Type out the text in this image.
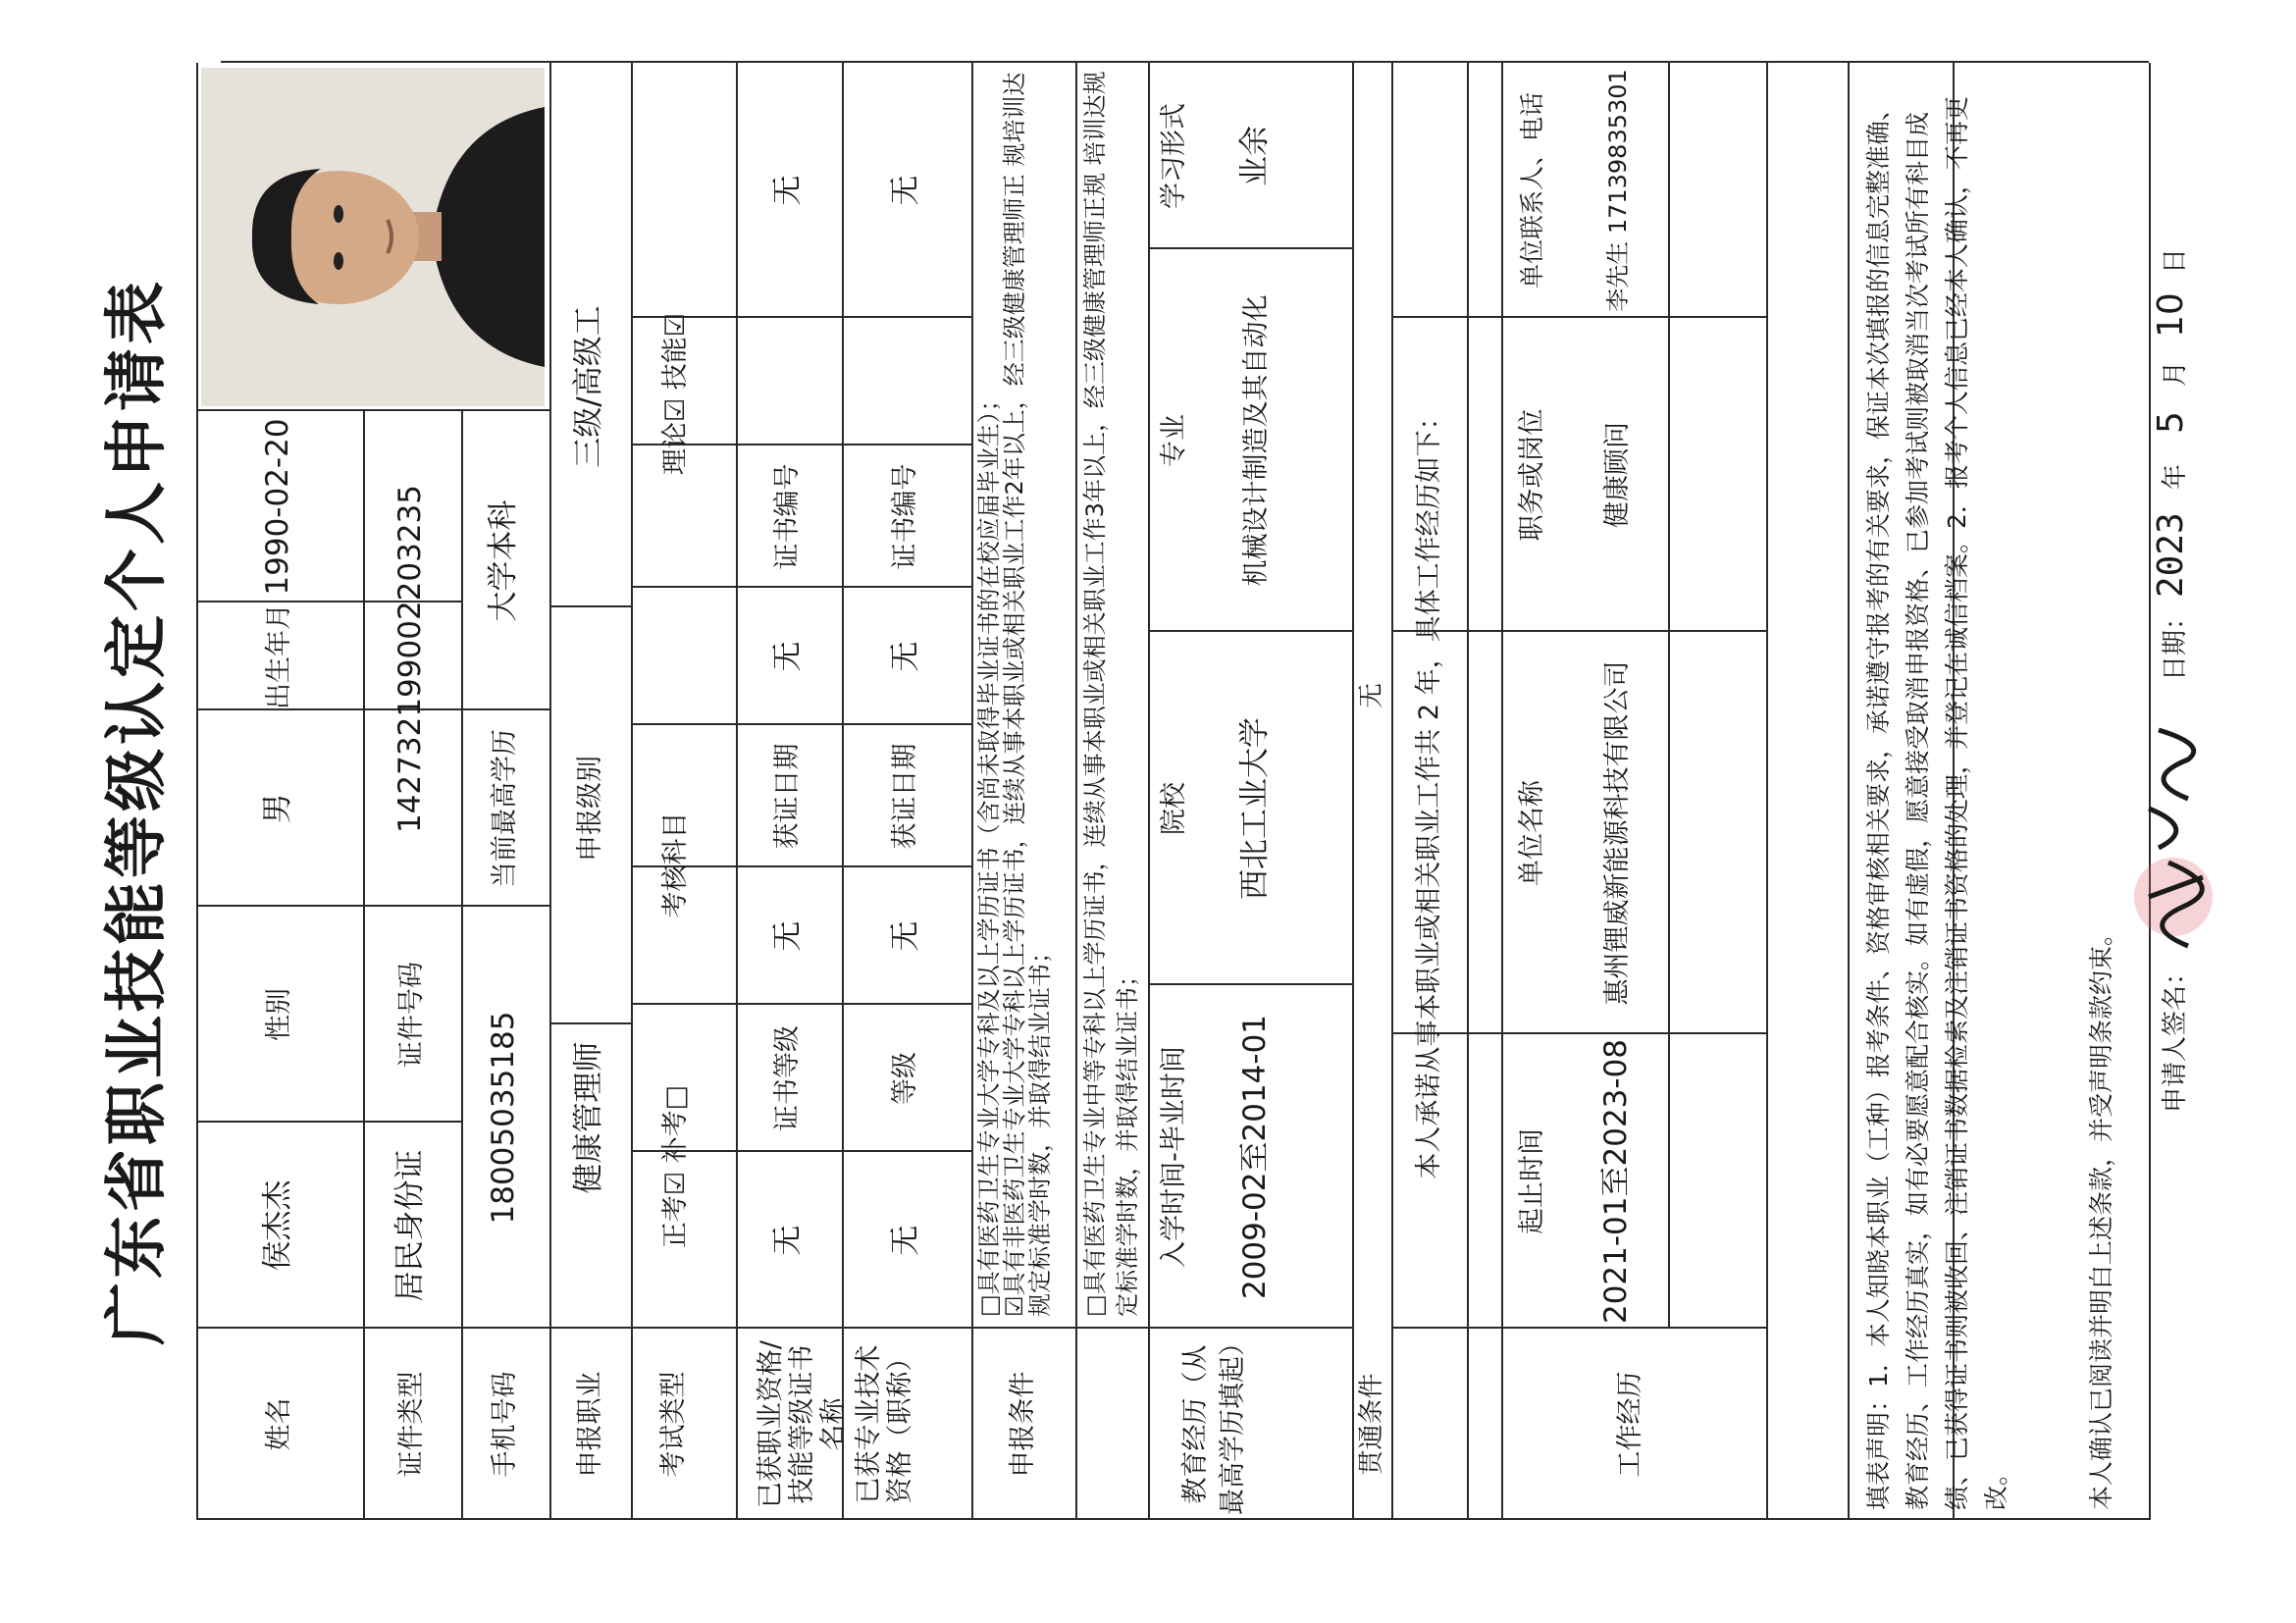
广东省职业技能等级认定个人申请表
姓名
侯杰杰
性别
男
出生年月
1990-02-20
证件类型
居民身份证
证件号码
142732199002203235
手机号码
18005035185
当前最高学历
大学本科
申报职业
健康管理师
申报级别
三级/高级工
考试类型
正考☑ 补考□
考核科目
理论☑ 技能☑
已获职业资格/技能等级证书名称
无
证书等级
无
获证日期
无
证书编号
无
已获专业技术资格（职称）
无
等级
无
获证日期
无
证书编号
无
申报条件
□具有医药卫生专业大学专科及以上学历证书（含尚未取得毕业证书的在校应届毕业生）；
☑具有非医药卫生专业大学专科以上学历证书，连续从事本职业或相关职业工作2年以上，经三级健康管理师正 规培训达规定标准学时数，并取得结业证书； □具有医药卫生专业中等专科以上学历证书，连续从事本职业或相关职业工作3年以上，经三级健康管理师正规 培训达规定标准学时数，并取得结业证书；
教育经历（从最高学历填起）
入学时间-毕业时间
院校
专业
学习形式
2009-02至2014-01
西北工业大学
机械设计制造及其自动化
业余
贯通条件
无 本人承诺从事本职业或相关职业工作共 2 年，具体工作经历如下：
工作经历
起止时间
单位名称
职务或岗位
单位联系人、电话
2021-01至2023-08
惠州锂威新能源科技有限公司
健康顾问
李先生 17139835301	填表声明：1．本人知晓本职业（工种）报考条件、资格审核相关要求，承诺遵守报考的有关要求，保证本次填报的信息完整准确、教育经历、工作经历真实，如有必要愿意配合核实。如有虚假，愿意接受取消申报资格、已参加考试则被取消当次考试所有科目成绩、已获得证书则被收回、注销证书数据检索及注销证书资格的处理，并登记在诚信档案。2．报考个人信息已经本人确认，不再更改。	本人确认已阅读并明白上述条款，并受声明条款约束。 申请人签名：
日期：
2023
年
5
月
10
日
